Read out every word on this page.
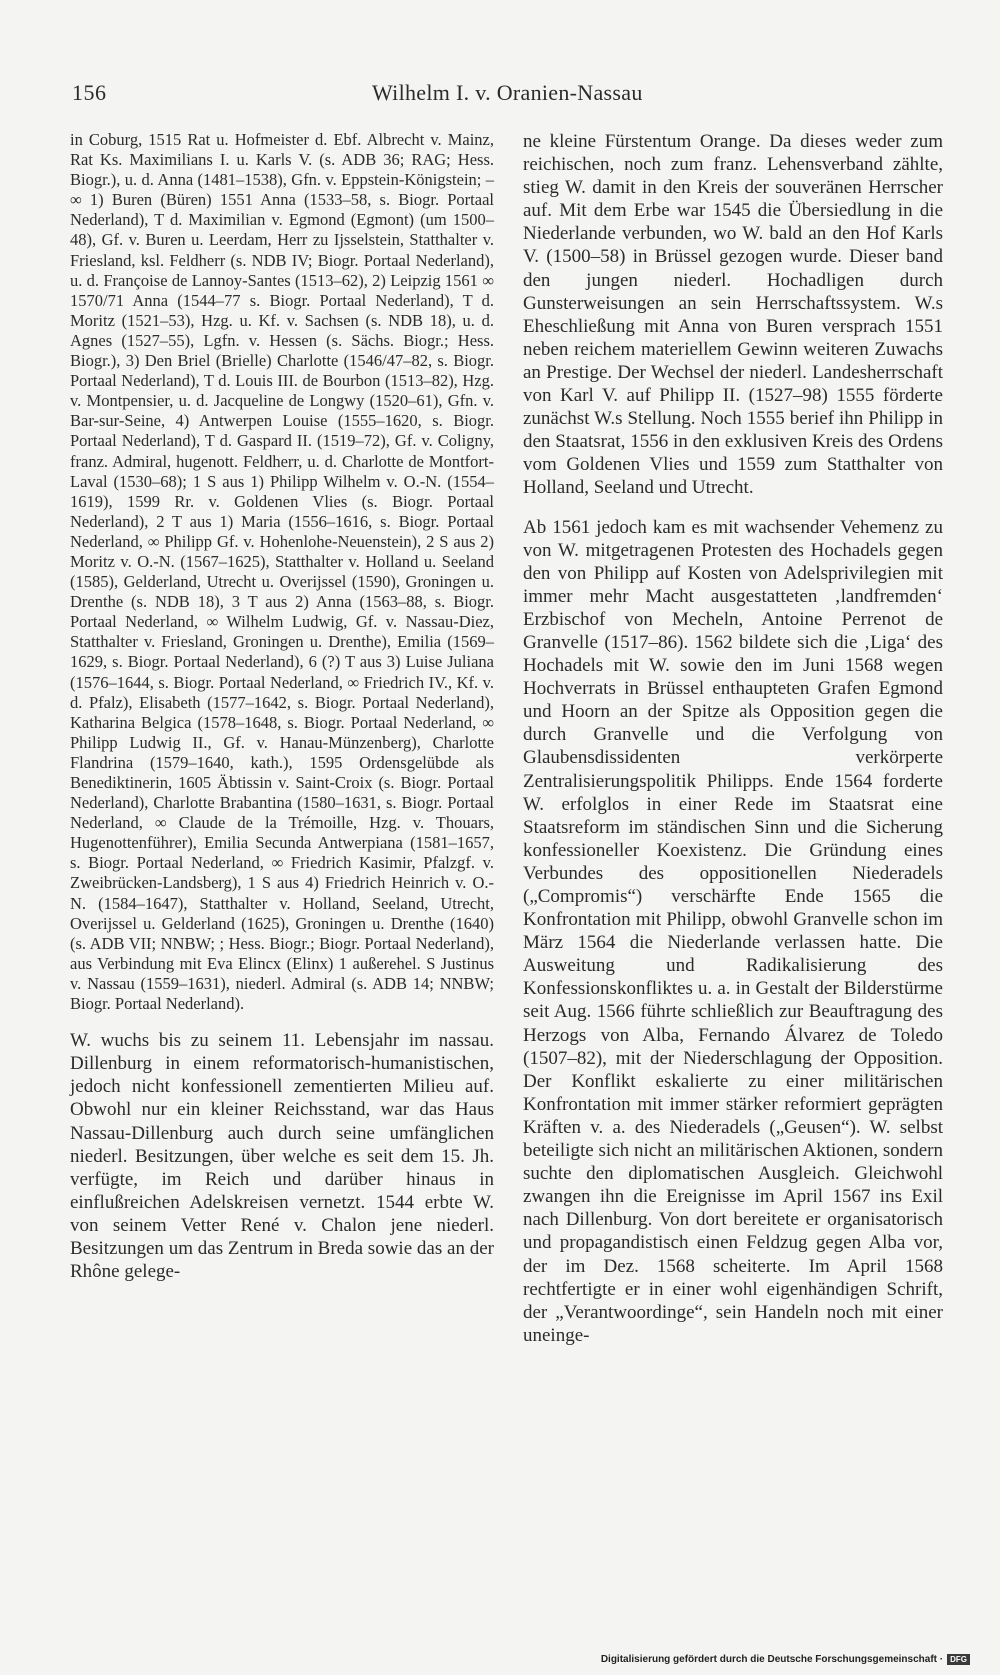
156	Wilhelm I. v. Oranien-Nassau

in Coburg, 1515 Rat u. Hofmeister d. Ebf. Albrecht v. Mainz, Rat Ks. Maximilians I. u. Karls V. (s. ADB 36; RAG; Hess. Biogr.), u. d. Anna (1481–1538), Gfn. v. Eppstein-Königstein; – ∞ 1) Buren (Büren) 1551 Anna (1533–58, s. Biogr. Portaal Nederland), T d. Maximilian v. Egmond (Egmont) (um 1500–48), Gf. v. Buren u. Leerdam, Herr zu Ijsselstein, Statthalter v. Friesland, ksl. Feldherr (s. NDB IV; Biogr. Portaal Nederland), u. d. Françoise de Lannoy-Santes (1513–62), 2) Leipzig 1561 ∞ 1570/71 Anna (1544–77 s. Biogr. Portaal Nederland), T d. Moritz (1521–53), Hzg. u. Kf. v. Sachsen (s. NDB 18), u. d. Agnes (1527–55), Lgfn. v. Hessen (s. Sächs. Biogr.; Hess. Biogr.), 3) Den Briel (Brielle) Charlotte (1546/47–82, s. Biogr. Portaal Nederland), T d. Louis III. de Bourbon (1513–82), Hzg. v. Montpensier, u. d. Jacqueline de Longwy (1520–61), Gfn. v. Bar-sur-Seine, 4) Antwerpen Louise (1555–1620, s. Biogr. Portaal Nederland), T d. Gaspard II. (1519–72), Gf. v. Coligny, franz. Admiral, hugenott. Feldherr, u. d. Charlotte de Montfort-Laval (1530–68); 1 S aus 1) Philipp Wilhelm v. O.-N. (1554–1619), 1599 Rr. v. Goldenen Vlies (s. Biogr. Portaal Nederland), 2 T aus 1) Maria (1556–1616, s. Biogr. Portaal Nederland, ∞ Philipp Gf. v. Hohenlohe-Neuenstein), 2 S aus 2) Moritz v. O.-N. (1567–1625), Statthalter v. Holland u. Seeland (1585), Gelderland, Utrecht u. Overijssel (1590), Groningen u. Drenthe (s. NDB 18), 3 T aus 2) Anna (1563–88, s. Biogr. Portaal Nederland, ∞ Wilhelm Ludwig, Gf. v. Nassau-Diez, Statthalter v. Friesland, Groningen u. Drenthe), Emilia (1569–1629, s. Biogr. Portaal Nederland), 6 (?) T aus 3) Luise Juliana (1576–1644, s. Biogr. Portaal Nederland, ∞ Friedrich IV., Kf. v. d. Pfalz), Elisabeth (1577–1642, s. Biogr. Portaal Nederland), Katharina Belgica (1578–1648, s. Biogr. Portaal Nederland, ∞ Philipp Ludwig II., Gf. v. Hanau-Münzenberg), Charlotte Flandrina (1579–1640, kath.), 1595 Ordensgelübde als Benediktinerin, 1605 Äbtissin v. Saint-Croix (s. Biogr. Portaal Nederland), Charlotte Brabantina (1580–1631, s. Biogr. Portaal Nederland, ∞ Claude de la Trémoille, Hzg. v. Thouars, Hugenottenführer), Emilia Secunda Antwerpiana (1581–1657, s. Biogr. Portaal Nederland, ∞ Friedrich Kasimir, Pfalzgf. v. Zweibrücken-Landsberg), 1 S aus 4) Friedrich Heinrich v. O.-N. (1584–1647), Statthalter v. Holland, Seeland, Utrecht, Overijssel u. Gelderland (1625), Groningen u. Drenthe (1640) (s. ADB VII; NNBW; ; Hess. Biogr.; Biogr. Portaal Nederland), aus Verbindung mit Eva Elincx (Elinx) 1 außerehel. S Justinus v. Nassau (1559–1631), niederl. Admiral (s. ADB 14; NNBW; Biogr. Portaal Nederland).

W. wuchs bis zu seinem 11. Lebensjahr im nassau. Dillenburg in einem reformatorisch-humanistischen, jedoch nicht konfessionell zementierten Milieu auf. Obwohl nur ein kleiner Reichsstand, war das Haus Nassau-Dillenburg auch durch seine umfänglichen niederl. Besitzungen, über welche es seit dem 15. Jh. verfügte, im Reich und darüber hinaus in einflußreichen Adelskreisen vernetzt. 1544 erbte W. von seinem Vetter René v. Chalon jene niederl. Besitzungen um das Zentrum in Breda sowie das an der Rhône gelege-

ne kleine Fürstentum Orange. Da dieses weder zum reichischen, noch zum franz. Lehensverband zählte, stieg W. damit in den Kreis der souveränen Herrscher auf. Mit dem Erbe war 1545 die Übersiedlung in die Niederlande verbunden, wo W. bald an den Hof Karls V. (1500–58) in Brüssel gezogen wurde. Dieser band den jungen niederl. Hochadligen durch Gunsterweisungen an sein Herrschaftssystem. W.s Eheschließung mit Anna von Buren versprach 1551 neben reichem materiellem Gewinn weiteren Zuwachs an Prestige. Der Wechsel der niederl. Landesherrschaft von Karl V. auf Philipp II. (1527–98) 1555 förderte zunächst W.s Stellung. Noch 1555 berief ihn Philipp in den Staatsrat, 1556 in den exklusiven Kreis des Ordens vom Goldenen Vlies und 1559 zum Statthalter von Holland, Seeland und Utrecht.

Ab 1561 jedoch kam es mit wachsender Vehemenz zu von W. mitgetragenen Protesten des Hochadels gegen den von Philipp auf Kosten von Adelsprivilegien mit immer mehr Macht ausgestatteten ‚landfremden‘ Erzbischof von Mecheln, Antoine Perrenot de Granvelle (1517–86). 1562 bildete sich die ‚Liga‘ des Hochadels mit W. sowie den im Juni 1568 wegen Hochverrats in Brüssel enthaupteten Grafen Egmond und Hoorn an der Spitze als Opposition gegen die durch Granvelle und die Verfolgung von Glaubensdissidenten verkörperte Zentralisierungspolitik Philipps. Ende 1564 forderte W. erfolglos in einer Rede im Staatsrat eine Staatsreform im ständischen Sinn und die Sicherung konfessioneller Koexistenz. Die Gründung eines Verbundes des oppositionellen Niederadels („Compromis“) verschärfte Ende 1565 die Konfrontation mit Philipp, obwohl Granvelle schon im März 1564 die Niederlande verlassen hatte. Die Ausweitung und Radikalisierung des Konfessionskonfliktes u. a. in Gestalt der Bilderstürme seit Aug. 1566 führte schließlich zur Beauftragung des Herzogs von Alba, Fernando Álvarez de Toledo (1507–82), mit der Niederschlagung der Opposition. Der Konflikt eskalierte zu einer militärischen Konfrontation mit immer stärker reformiert geprägten Kräften v. a. des Niederadels („Geusen“). W. selbst beteiligte sich nicht an militärischen Aktionen, sondern suchte den diplomatischen Ausgleich. Gleichwohl zwangen ihn die Ereignisse im April 1567 ins Exil nach Dillenburg. Von dort bereitete er organisatorisch und propagandistisch einen Feldzug gegen Alba vor, der im Dez. 1568 scheiterte. Im April 1568 rechtfertigte er in einer wohl eigenhändigen Schrift, der „Verantwoordinge“, sein Handeln noch mit einer uneinge-

Digitalisierung gefördert durch die Deutsche Forschungsgemeinschaft · DFG
